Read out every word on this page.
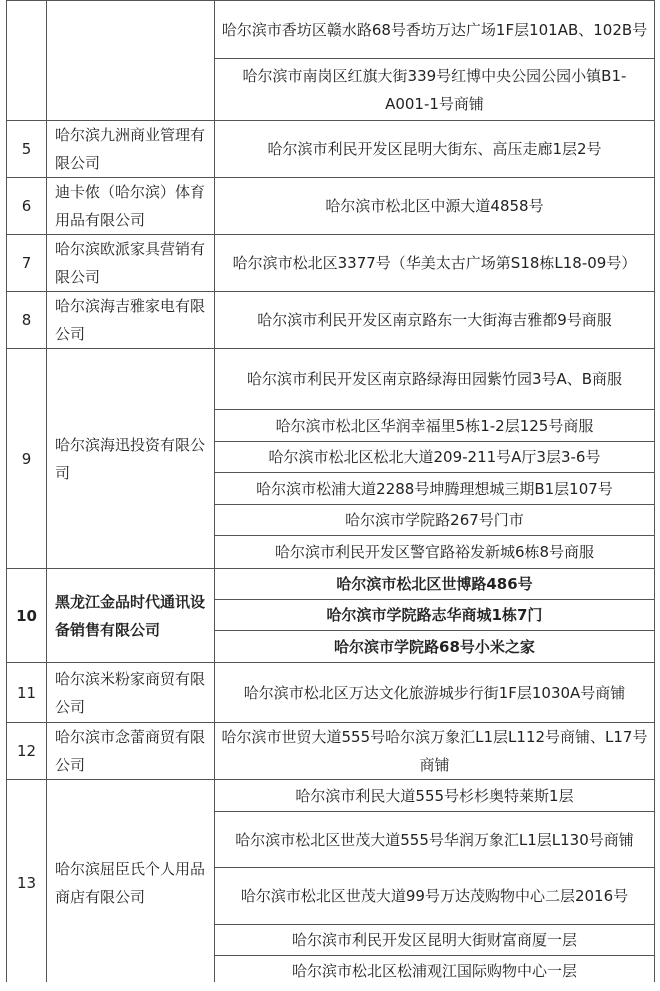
		哈尔滨市香坊区赣水路68号香坊万达广场1F层101AB、102B号
		哈尔滨市南岗区红旗大街339号红博中央公园公园小镇B1-A001-1号商铺
5	哈尔滨九洲商业管理有限公司	哈尔滨市利民开发区昆明大街东、高压走廊1层2号
6	迪卡侬（哈尔滨）体育用品有限公司	哈尔滨市松北区中源大道4858号
7	哈尔滨欧派家具营销有限公司	哈尔滨市松北区3377号（华美太古广场第S18栋L18-09号）
8	哈尔滨海吉雅家电有限公司	哈尔滨市利民开发区南京路东一大街海吉雅都9号商服
9	哈尔滨海迅投资有限公司	哈尔滨市利民开发区南京路绿海田园紫竹园3号A、B商服
		哈尔滨市松北区华润幸福里5栋1-2层125号商服
		哈尔滨市松北区松北大道209-211号A厅3层3-6号
		哈尔滨市松浦大道2288号坤腾理想城三期B1层107号
		哈尔滨市学院路267号门市
		哈尔滨市利民开发区警官路裕发新城6栋8号商服
10	黑龙江金品时代通讯设备销售有限公司	哈尔滨市松北区世博路486号
		哈尔滨市学院路志华商城1栋7门
		哈尔滨市学院路68号小米之家
11	哈尔滨米粉家商贸有限公司	哈尔滨市松北区万达文化旅游城步行街1F层1030A号商铺
12	哈尔滨市念蕾商贸有限公司	哈尔滨市世贸大道555号哈尔滨万象汇L1层L112号商铺、L17号商铺
13	哈尔滨屈臣氏个人用品商店有限公司	哈尔滨市利民大道555号杉杉奥特莱斯1层
		哈尔滨市松北区世茂大道555号华润万象汇L1层L130号商铺
		哈尔滨市松北区世茂大道99号万达茂购物中心二层2016号
		哈尔滨市利民开发区昆明大街财富商厦一层
		哈尔滨市松北区松浦观江国际购物中心一层
